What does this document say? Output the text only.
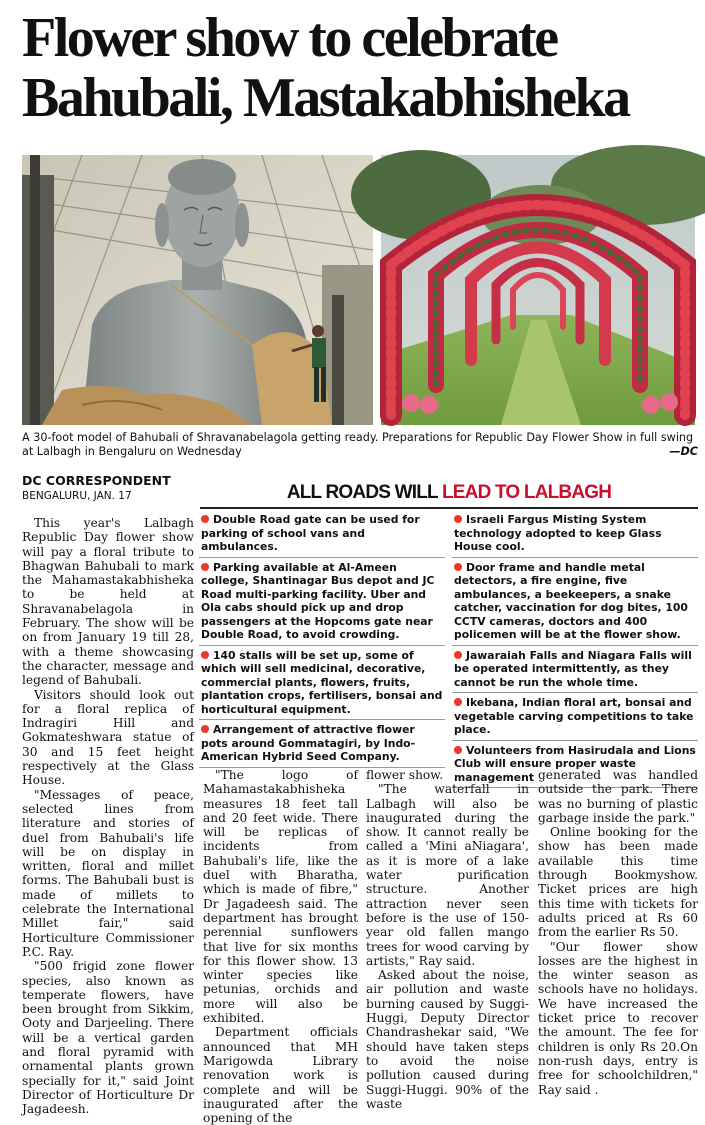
Flower show to celebrate
Bahubali, Mastakabhisheka
A 30-foot model of Bahubali of Shravanabelagola getting ready. Preparations for Republic Day Flower Show in full swing at Lalbagh in Bengaluru on Wednesday	—DC
DC CORRESPONDENT
BENGALURU, JAN. 17	ALL ROADS WILL LEAD TO LALBAGH
Double Road gate can be used for parking of school vans and ambulances.
Parking available at Al-Ameen college, Shantinagar Bus depot and JC Road multi-parking facility. Uber and Ola cabs should pick up and drop passengers at the Hopcoms gate near Double Road, to avoid crowding.
140 stalls will be set up, some of which will sell medicinal, decorative, commercial plants, flowers, fruits, plantation crops, fertilisers, bonsai and horticultural equipment.
Arrangement of attractive flower pots around Gommatagiri, by Indo-American Hybrid Seed Company.
Israeli Fargus Misting System technology adopted to keep Glass House cool.
Door frame and handle metal detectors, a fire engine, five ambulances, a beekeepers, a snake catcher, vaccination for dog bites, 100 CCTV cameras, doctors and 400 policemen will be at the flower show.
Jawaraiah Falls and Niagara Falls will be operated intermittently, as they cannot be run the whole time.
Ikebana, Indian floral art, bonsai and vegetable carving competitions to take place.
Volunteers from Hasirudala and Lions Club will ensure proper waste management

This year's Lalbagh Republic Day flower show will pay a floral tribute to Bhagwan Bahubali to mark the Mahamastakabhisheka to be held at Shravanabelagola in February. The show will be on from January 19 till 28, with a theme showcasing the character, message and legend of Bahubali.

Visitors should look out for a floral replica of Indragiri Hill and Gokmateshwara statue of 30 and 15 feet height respectively at the Glass House.

"Messages of peace, selected lines from literature and stories of duel from Bahubali's life will be on display in written, floral and millet forms. The Bahubali bust is made of millets to celebrate the International Millet fair," said Horticulture Commissioner P.C. Ray.

"500 frigid zone flower species, also known as temperate flowers, have been brought from Sikkim, Ooty and Darjeeling. There will be a vertical garden and floral pyramid with ornamental plants grown specially for it," said Joint Director of Horticulture Dr Jagadeesh.

"The logo of Mahamastakabhisheka measures 18 feet tall and 20 feet wide. There will be replicas of incidents from Bahubali's life, like the duel with Bharatha, which is made of fibre," Dr Jagadeesh said. The department has brought perennial sunflowers that live for six months for this flower show. 13 winter species like petunias, orchids and more will also be exhibited.

Department officials announced that MH Marigowda Library renovation work is complete and will be inaugurated after the opening of the

flower show.

"The waterfall in Lalbagh will also be inaugurated during the show. It cannot really be called a 'Mini aNiagara', as it is more of a lake water purification structure. Another attraction never seen before is the use of 150-year old fallen mango trees for wood carving by artists," Ray said.

Asked about the noise, air pollution and waste burning caused by Suggi-Huggi, Deputy Director Chandrashekar said, "We should have taken steps to avoid the noise pollution caused during Suggi-Huggi. 90% of the waste

generated was handled outside the park. There was no burning of plastic garbage inside the park."

Online booking for the show has been made available this time through Bookmyshow. Ticket prices are high this time with tickets for adults priced at Rs 60 from the earlier Rs 50.

"Our flower show losses are the highest in the winter season as schools have no holidays. We have increased the ticket price to recover the amount. The fee for children is only Rs 20.On non-rush days, entry is free for schoolchildren," Ray said .
